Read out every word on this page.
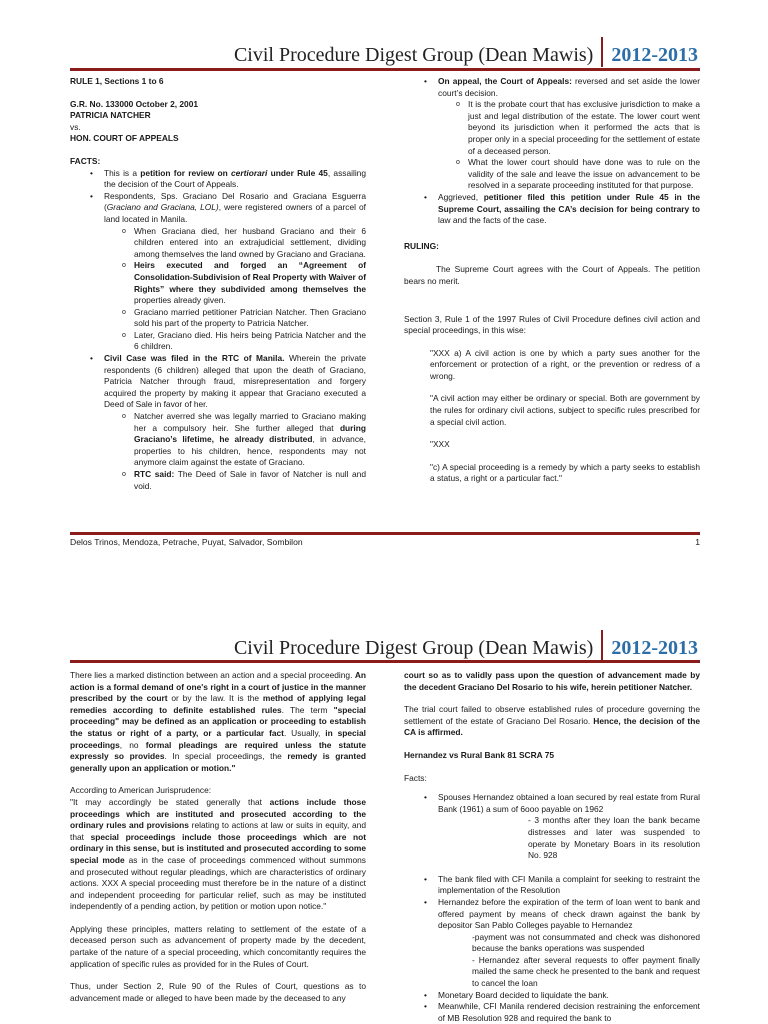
Civil Procedure Digest Group (Dean Mawis) 2012-2013

RULE 1, Sections 1 to 6

G.R. No. 133000 October 2, 2001

PATRICIA NATCHER

vs.

HON. COURT OF APPEALS

FACTS:

• This is a petition for review on certiorari under Rule 45, assailing the decision of the Court of Appeals.
• Respondents, Sps. Graciano Del Rosario and Graciana Esguerra (Graciano and Graciana, LOL), were registered owners of a parcel of land located in Manila.
o When Graciana died, her husband Graciano and their 6 children entered into an extrajudicial settlement, dividing among themselves the land owned by Graciano and Graciana.
o Heirs executed and forged an “Agreement of Consolidation-Subdivision of Real Property with Waiver of Rights” where they subdivided among themselves the properties already given.
o Graciano married petitioner Patrician Natcher. Then Graciano sold his part of the property to Patricia Natcher.
o Later, Graciano died. His heirs being Patricia Natcher and the 6 children.
• Civil Case was filed in the RTC of Manila. Wherein the private respondents (6 children) alleged that upon the death of Graciano, Patricia Natcher through fraud, misrepresentation and forgery acquired the property by making it appear that Graciano executed a Deed of Sale in favor of her.
o Natcher averred she was legally married to Graciano making her a compulsory heir. She further alleged that during Graciano’s lifetime, he already distributed, in advance, properties to his children, hence, respondents may not anymore claim against the estate of Graciano.
o RTC said: The Deed of Sale in favor of Natcher is null and void.
• On appeal, the Court of Appeals: reversed and set aside the lower court’s decision.
o It is the probate court that has exclusive jurisdiction to make a just and legal distribution of the estate. The lower court went beyond its jurisdiction when it performed the acts that is proper only in a special proceeding for the settlement of estate of a deceased person.
o What the lower court should have done was to rule on the validity of the sale and leave the issue on advancement to be resolved in a separate proceeding instituted for that purpose.
• Aggrieved, petitioner filed this petition under Rule 45 in the Supreme Court, assailing the CA’s decision for being contrary to law and the facts of the case.

RULING:

The Supreme Court agrees with the Court of Appeals. The petition bears no merit.

Section 3, Rule 1 of the 1997 Rules of Civil Procedure defines civil action and special proceedings, in this wise:

"XXX a) A civil action is one by which a party sues another for the enforcement or protection of a right, or the prevention or redress of a wrong.

"A civil action may either be ordinary or special. Both are government by the rules for ordinary civil actions, subject to specific rules prescribed for a special civil action.

"XXX

"c) A special proceeding is a remedy by which a party seeks to establish a status, a right or a particular fact."

Delos Trinos, Mendoza, Petrache, Puyat, Salvador, Sombilon	1
Civil Procedure Digest Group (Dean Mawis) 2012-2013

There lies a marked distinction between an action and a special proceeding. An action is a formal demand of one's right in a court of justice in the manner prescribed by the court or by the law. It is the method of applying legal remedies according to definite established rules. The term "special proceeding" may be defined as an application or proceeding to establish the status or right of a party, or a particular fact. Usually, in special proceedings, no formal pleadings are required unless the statute expressly so provides. In special proceedings, the remedy is granted generally upon an application or motion."

According to American Jurisprudence:

"It may accordingly be stated generally that actions include those proceedings which are instituted and prosecuted according to the ordinary rules and provisions relating to actions at law or suits in equity, and that special proceedings include those proceedings which are not ordinary in this sense, but is instituted and prosecuted according to some special mode as in the case of proceedings commenced without summons and prosecuted without regular pleadings, which are characteristics of ordinary actions. XXX A special proceeding must therefore be in the nature of a distinct and independent proceeding for particular relief, such as may be instituted independently of a pending action, by petition or motion upon notice."

Applying these principles, matters relating to settlement of the estate of a deceased person such as advancement of property made by the decedent, partake of the nature of a special proceeding, which concomitantly requires the application of specific rules as provided for in the Rules of Court.

Thus, under Section 2, Rule 90 of the Rules of Court, questions as to advancement made or alleged to have been made by the deceased to any

court so as to validly pass upon the question of advancement made by the decedent Graciano Del Rosario to his wife, herein petitioner Natcher.

The trial court failed to observe established rules of procedure governing the settlement of the estate of Graciano Del Rosario. Hence, the decision of the CA is affirmed.

Hernandez vs Rural Bank 81 SCRA 75

Facts:

• Spouses Hernandez obtained a loan secured by real estate from Rural Bank (1961) a sum of 6ooo payable on 1962

- 3 months after they loan the bank became distresses and later was suspended to operate by Monetary Boars in its resolution No. 928

• The bank filed with CFI Manila a complaint for seeking to restraint the implementation of the Resolution
• Hernandez before the expiration of the term of loan went to bank and offered payment by means of check drawn against the bank by depositor San Pablo Colleges payable to Hernandez

-payment was not consummated and check was dishonored because the banks operations was suspended

- Hernandez after several requests to offer payment finally mailed the same check he presented to the bank and request to cancel the loan

• Monetary Board decided to liquidate the bank.
• Meanwhile, CFI Manila rendered decision restraining the enforcement of MB Resolution 928 and required the bank to
